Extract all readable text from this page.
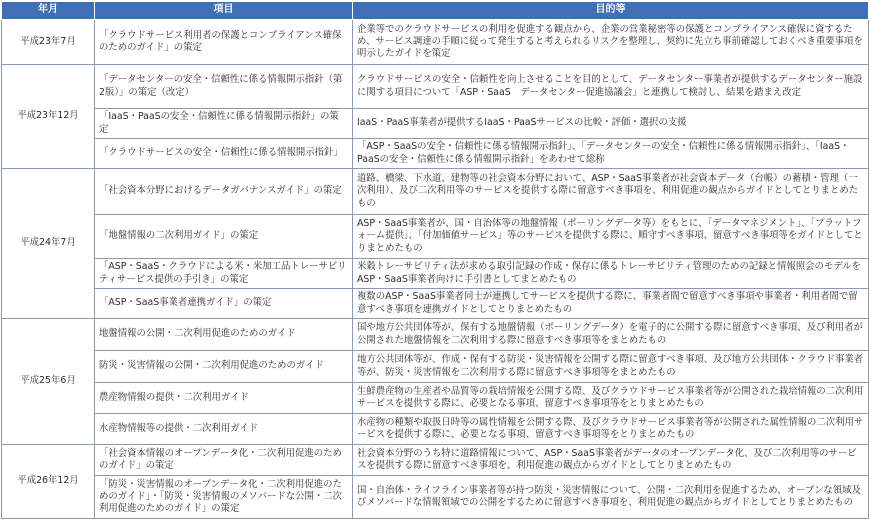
年月	項目	目的等
平成23年7月	「クラウドサービス利用者の保護とコンプライアンス確保のためのガイド」の策定	企業等でのクラウドサービスの利用を促進する観点から、企業の営業秘密等の保護とコンプライアンス確保に資するため、サービス調達の手順に従って発生すると考えられるリスクを整理し、契約に先立ち事前確認しておくべき重要事項を明示したガイドを策定
平成23年12月	「データセンターの安全・信頼性に係る情報開示指針（第2版）」の策定（改定）	クラウドサービスの安全・信頼性を向上させることを目的として、データセンター事業者が提供するデータセンター施設に関する項目について「ASP・SaaS　データセンター促進協議会」と連携して検討し、結果を踏まえ改定
	「IaaS・PaaSの安全・信頼性に係る情報開示指針」の策定	IaaS・PaaS事業者が提供するIaaS・PaaSサービスの比較・評価・選択の支援
	「クラウドサービスの安全・信頼性に係る情報開示指針」	「ASP・SaaSの安全・信頼性に係る情報開示指針」、「データセンターの安全・信頼性に係る情報開示指針」、「IaaS・PaaSの安全・信頼性に係る情報開示指針」をあわせて総称
平成24年7月	「社会資本分野におけるデータガバナンスガイド」の策定	道路、橋梁、下水道、建物等の社会資本分野において、ASP・SaaS事業者が社会資本データ（台帳）の蓄積・管理（一次利用）、及び二次利用等のサービスを提供する際に留意すべき事項を、利用促進の観点からガイドとしてとりまとめたもの
	「地盤情報の二次利用ガイド」の策定	ASP・SaaS事業者が、国・自治体等の地盤情報（ボーリングデータ等）をもとに、「データマネジメント」、「プラットフォーム提供」、「付加価値サービス」等のサービスを提供する際に、順守すべき事項、留意すべき事項等をガイドとしてとりまとめたもの
	「ASP・SaaS・クラウドによる米・米加工品トレーサビリティサービス提供の手引き」の策定	米穀トレーサビリティ法が求める取引記録の作成・保存に係るトレーサビリティ管理のための記録と情報照会のモデルをASP・SaaS事業者向けに手引書としてまとめたもの
	「ASP・SaaS事業者連携ガイド」の策定	複数のASP・SaaS事業者同士が連携してサービスを提供する際に、事業者間で留意すべき事項や事業者・利用者間で留意すべき事項を連携ガイドとしてとりまとめたもの
平成25年6月	地盤情報の公開・二次利用促進のためのガイド	国や地方公共団体等が、保有する地盤情報（ボーリングデータ）を電子的に公開する際に留意すべき事項、及び利用者が公開された地盤情報を二次利用する際に留意すべき事項等をまとめたもの
	防災・災害情報の公開・二次利用促進のためのガイド	地方公共団体等が、作成・保有する防災・災害情報を公開する際に留意すべき事項、及び地方公共団体・クラウド事業者等が、防災・災害情報を二次利用する際に留意すべき事項等をまとめたもの
	農産物情報の提供・二次利用ガイド	生鮮農産物の生産者や品質等の栽培情報を公開する際、及びクラウドサービス事業者等が公開された栽培情報の二次利用サービスを提供する際に、必要となる事項、留意すべき事項等をとりまとめたもの
	水産物情報等の提供・二次利用ガイド	水産物の種類や取扱日時等の属性情報を公開する際、及びクラウドサービス事業者等が公開された属性情報の二次利用サービスを提供する際に、必要となる事項、留意すべき事項等をとりまとめたもの
平成26年12月	「社会資本情報のオープンデータ化・二次利用促進のためのガイド」の策定	社会資本分野のうち特に道路情報について、ASP・SaaS事業者がデータのオープンデータ化、及び二次利用等のサービスを提供する際に留意すべき事項を、利用促進の観点からガイドとしてとりまとめたもの
	「防災・災害情報のオープンデータ化・二次利用促進のためのガイド」・「防災・災害情報のメソバードな公開・二次利用促進のためのガイド」の策定	国・自治体・ライフライン事業者等が持つ防災・災害情報について、公開・二次利用を促進するため、オープンな領域及びメソバードな情報領域での公開をするために留意すべき事項を、利用促進の観点からガイドとしてとりまとめたもの
